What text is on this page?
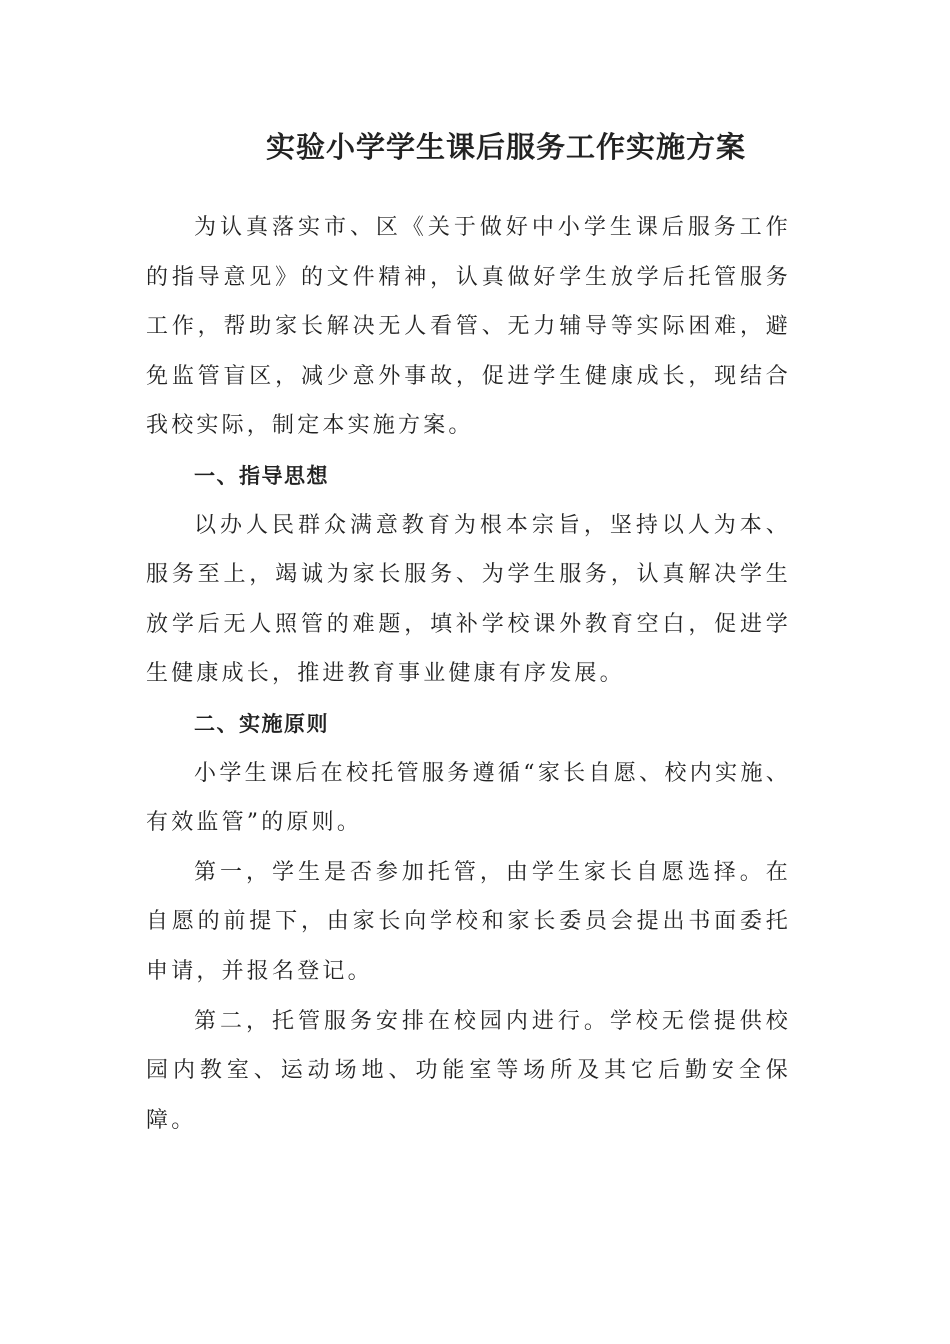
实验小学学生课后服务工作实施方案

为认真落实市、区《关于做好中小学生课后服务工作的指导意见》的文件精神，认真做好学生放学后托管服务工作，帮助家长解决无人看管、无力辅导等实际困难，避免监管盲区，减少意外事故，促进学生健康成长，现结合我校实际，制定本实施方案。

一、指导思想

以办人民群众满意教育为根本宗旨，坚持以人为本、服务至上，竭诚为家长服务、为学生服务，认真解决学生放学后无人照管的难题，填补学校课外教育空白，促进学生健康成长，推进教育事业健康有序发展。

二、实施原则

小学生课后在校托管服务遵循“家长自愿、校内实施、有效监管”的原则。

第一，学生是否参加托管，由学生家长自愿选择。在自愿的前提下，由家长向学校和家长委员会提出书面委托申请，并报名登记。

第二，托管服务安排在校园内进行。学校无偿提供校园内教室、运动场地、功能室等场所及其它后勤安全保障。
